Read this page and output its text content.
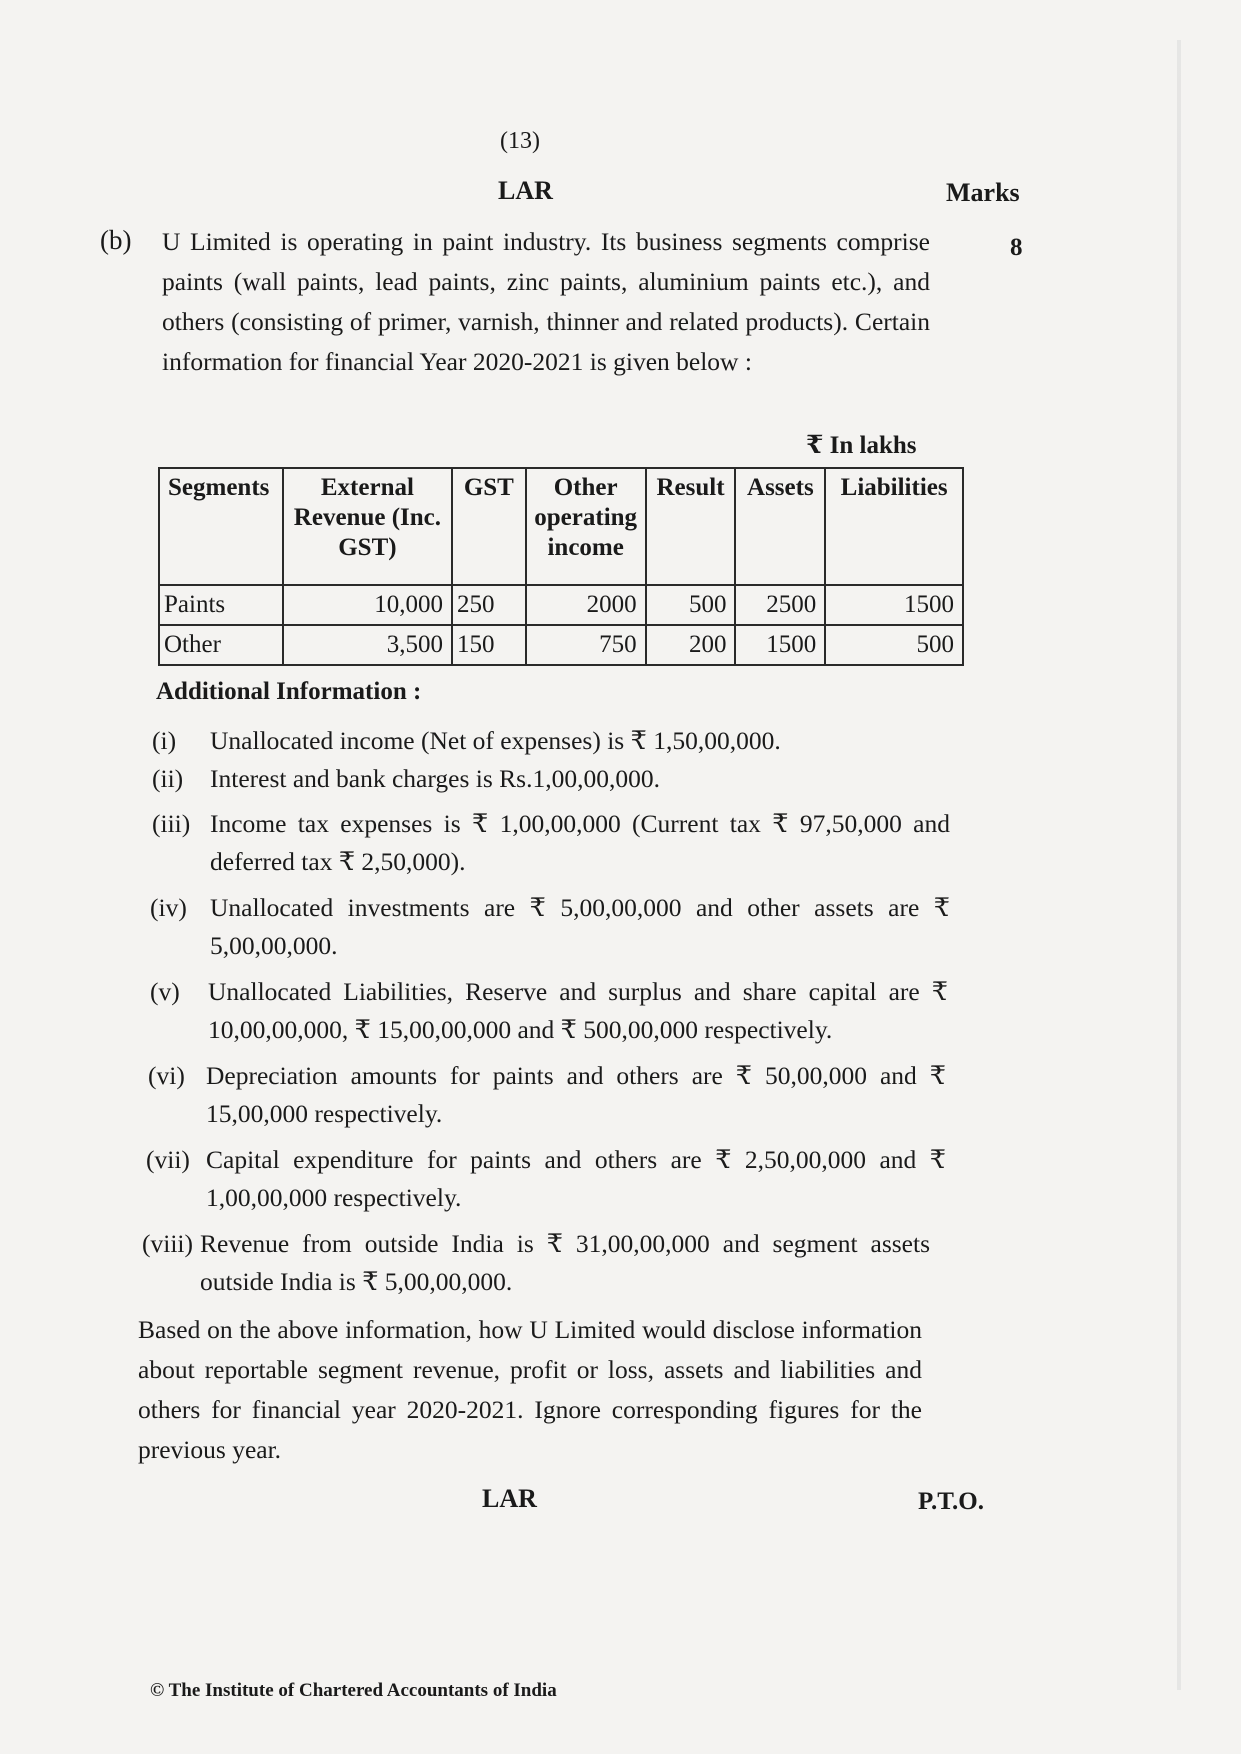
(13)
LAR	Marks
8
(b) U Limited is operating in paint industry. Its business segments comprise paints (wall paints, lead paints, zinc paints, aluminium paints etc.), and others (consisting of primer, varnish, thinner and related products). Certain information for financial Year 2020-2021 is given below :
₹ In lakhs
Segments	External Revenue (Inc. GST)	GST	Other operating income	Result	Assets	Liabilities
Paints	10,000	250	2000	500	2500	1500
Other	3,500	150	750	200	1500	500
Additional Information :
(i) Unallocated income (Net of expenses) is ₹ 1,50,00,000.
(ii) Interest and bank charges is Rs.1,00,00,000.
(iii) Income tax expenses is ₹ 1,00,00,000 (Current tax ₹ 97,50,000 and deferred tax ₹ 2,50,000).
(iv) Unallocated investments are ₹ 5,00,00,000 and other assets are ₹ 5,00,00,000.
(v) Unallocated Liabilities, Reserve and surplus and share capital are ₹ 10,00,00,000, ₹ 15,00,00,000 and ₹ 500,00,000 respectively.
(vi) Depreciation amounts for paints and others are ₹ 50,00,000 and ₹ 15,00,000 respectively.
(vii) Capital expenditure for paints and others are ₹ 2,50,00,000 and ₹ 1,00,00,000 respectively.
(viii) Revenue from outside India is ₹ 31,00,00,000 and segment assets outside India is ₹ 5,00,00,000.
Based on the above information, how U Limited would disclose information about reportable segment revenue, profit or loss, assets and liabilities and others for financial year 2020-2021. Ignore corresponding figures for the previous year.
LAR	P.T.O.
© The Institute of Chartered Accountants of India
